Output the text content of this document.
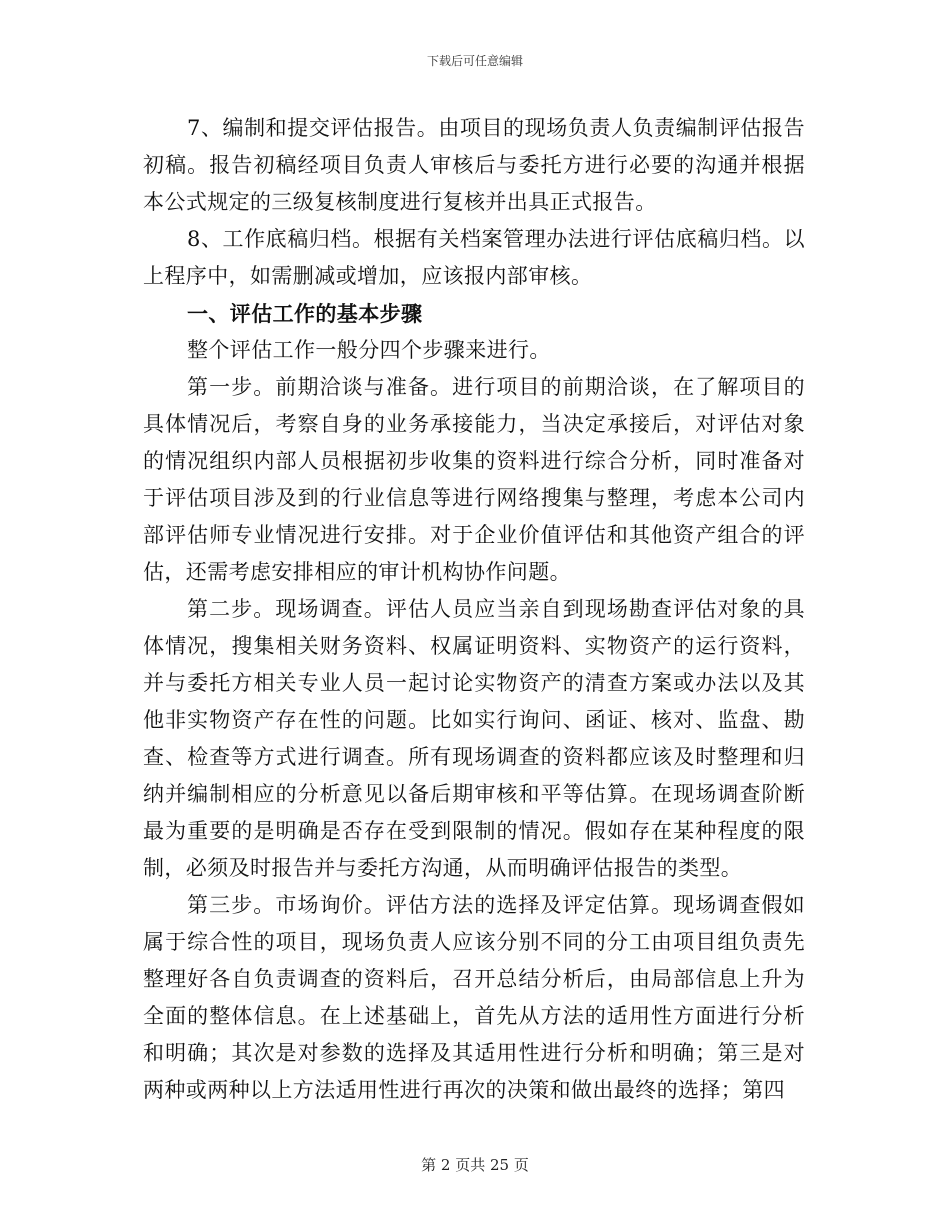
下载后可任意编辑

7、编制和提交评估报告。由项目的现场负责人负责编制评估报告初稿。报告初稿经项目负责人审核后与委托方进行必要的沟通并根据本公式规定的三级复核制度进行复核并出具正式报告。

8、工作底稿归档。根据有关档案管理办法进行评估底稿归档。以上程序中，如需删减或增加，应该报内部审核。

一、评估工作的基本步骤

整个评估工作一般分四个步骤来进行。

第一步。前期洽谈与准备。进行项目的前期洽谈，在了解项目的具体情况后，考察自身的业务承接能力，当决定承接后，对评估对象的情况组织内部人员根据初步收集的资料进行综合分析，同时准备对于评估项目涉及到的行业信息等进行网络搜集与整理，考虑本公司内部评估师专业情况进行安排。对于企业价值评估和其他资产组合的评估，还需考虑安排相应的审计机构协作问题。

第二步。现场调查。评估人员应当亲自到现场勘查评估对象的具体情况，搜集相关财务资料、权属证明资料、实物资产的运行资料，并与委托方相关专业人员一起讨论实物资产的清查方案或办法以及其他非实物资产存在性的问题。比如实行询问、函证、核对、监盘、勘查、检查等方式进行调查。所有现场调查的资料都应该及时整理和归纳并编制相应的分析意见以备后期审核和平等估算。在现场调查阶断最为重要的是明确是否存在受到限制的情况。假如存在某种程度的限制，必须及时报告并与委托方沟通，从而明确评估报告的类型。

第三步。市场询价。评估方法的选择及评定估算。现场调查假如属于综合性的项目，现场负责人应该分别不同的分工由项目组负责先整理好各自负责调查的资料后，召开总结分析后，由局部信息上升为全面的整体信息。在上述基础上，首先从方法的适用性方面进行分析和明确；其次是对参数的选择及其适用性进行分析和明确；第三是对两种或两种以上方法适用性进行再次的决策和做出最终的选择；第四

第 2 页共 25 页
